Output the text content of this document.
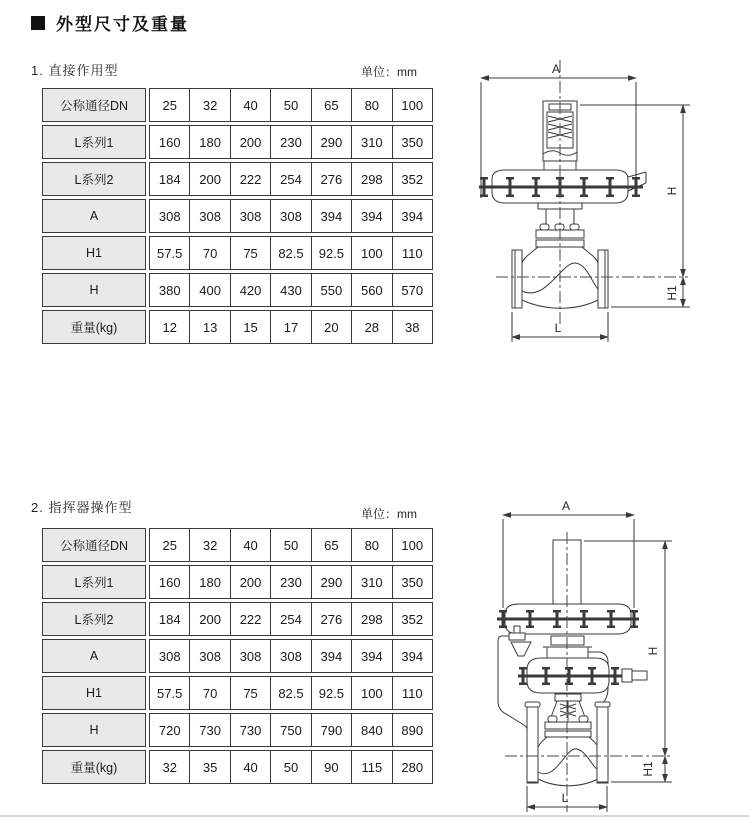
外型尺寸及重量
1. 直接作用型	单位：mm
公称通径DN	25	32	40	50	65	80	100
L系列1	160	180	200	230	290	310	350
L系列2	184	200	222	254	276	298	352
A	308	308	308	308	394	394	394
H1	57.5	70	75	82.5	92.5	100	110
H	380	400	420	430	550	560	570
重量(kg)	12	13	15	17	20	28	38
A
H
H1
L
2. 指挥器操作型	单位：mm
公称通径DN	25	32	40	50	65	80	100
L系列1	160	180	200	230	290	310	350
L系列2	184	200	222	254	276	298	352
A	308	308	308	308	394	394	394
H1	57.5	70	75	82.5	92.5	100	110
H	720	730	730	750	790	840	890
重量(kg)	32	35	40	50	90	115	280
A
H
H1
L
